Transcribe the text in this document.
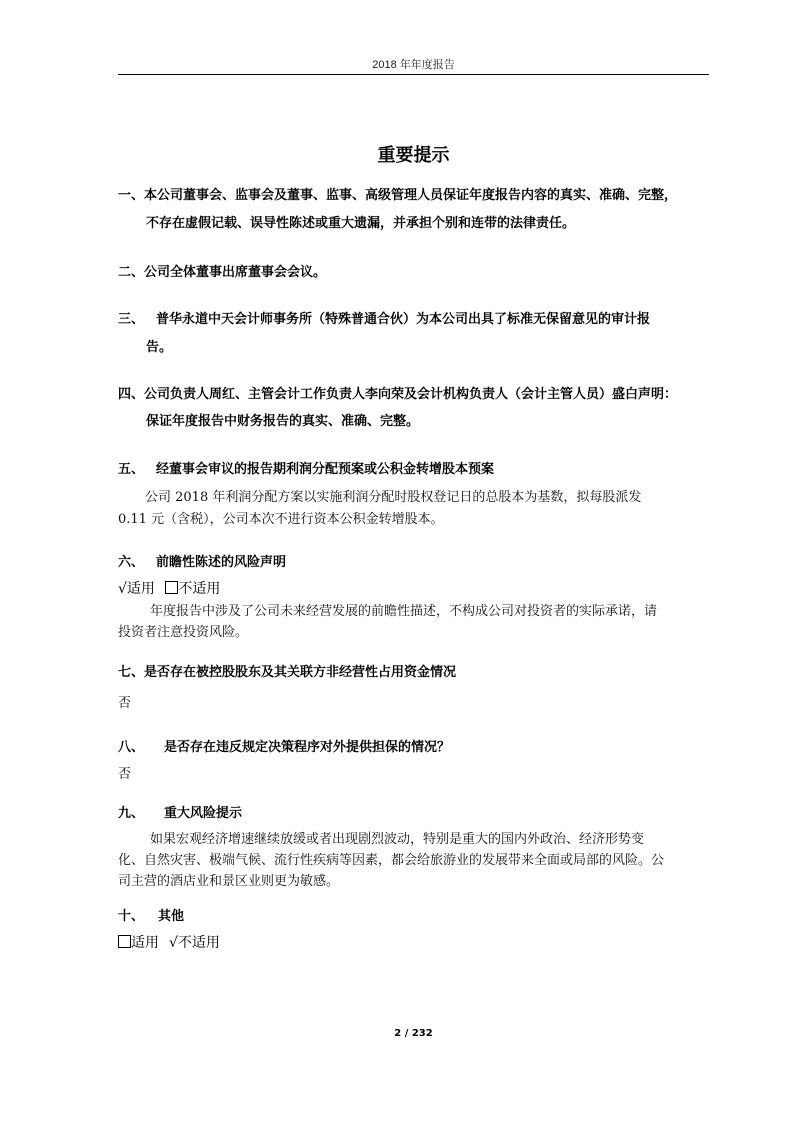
2018 年年度报告
重要提示
一、本公司董事会、监事会及董事、监事、高级管理人员保证年度报告内容的真实、准确、完整，
不存在虚假记载、误导性陈述或重大遗漏，并承担个别和连带的法律责任。
二、公司全体董事出席董事会会议。
三、 普华永道中天会计师事务所（特殊普通合伙）为本公司出具了标准无保留意见的审计报
告。
四、公司负责人周红、主管会计工作负责人李向荣及会计机构负责人（会计主管人员）盛白声明：
保证年度报告中财务报告的真实、准确、完整。
五、 经董事会审议的报告期利润分配预案或公积金转增股本预案
公司 2018 年利润分配方案以实施利润分配时股权登记日的总股本为基数，拟每股派发
0.11 元（含税），公司本次不进行资本公积金转增股本。
六、 前瞻性陈述的风险声明
√适用 不适用
年度报告中涉及了公司未来经营发展的前瞻性描述，不构成公司对投资者的实际承诺，请
投资者注意投资风险。
七、是否存在被控股股东及其关联方非经营性占用资金情况
否
八、 是否存在违反规定决策程序对外提供担保的情况？
否
九、 重大风险提示
如果宏观经济增速继续放缓或者出现剧烈波动，特别是重大的国内外政治、经济形势变
化、自然灾害、极端气候、流行性疾病等因素，都会给旅游业的发展带来全面或局部的风险。公
司主营的酒店业和景区业则更为敏感。
十、 其他
适用 √不适用
2 / 232
